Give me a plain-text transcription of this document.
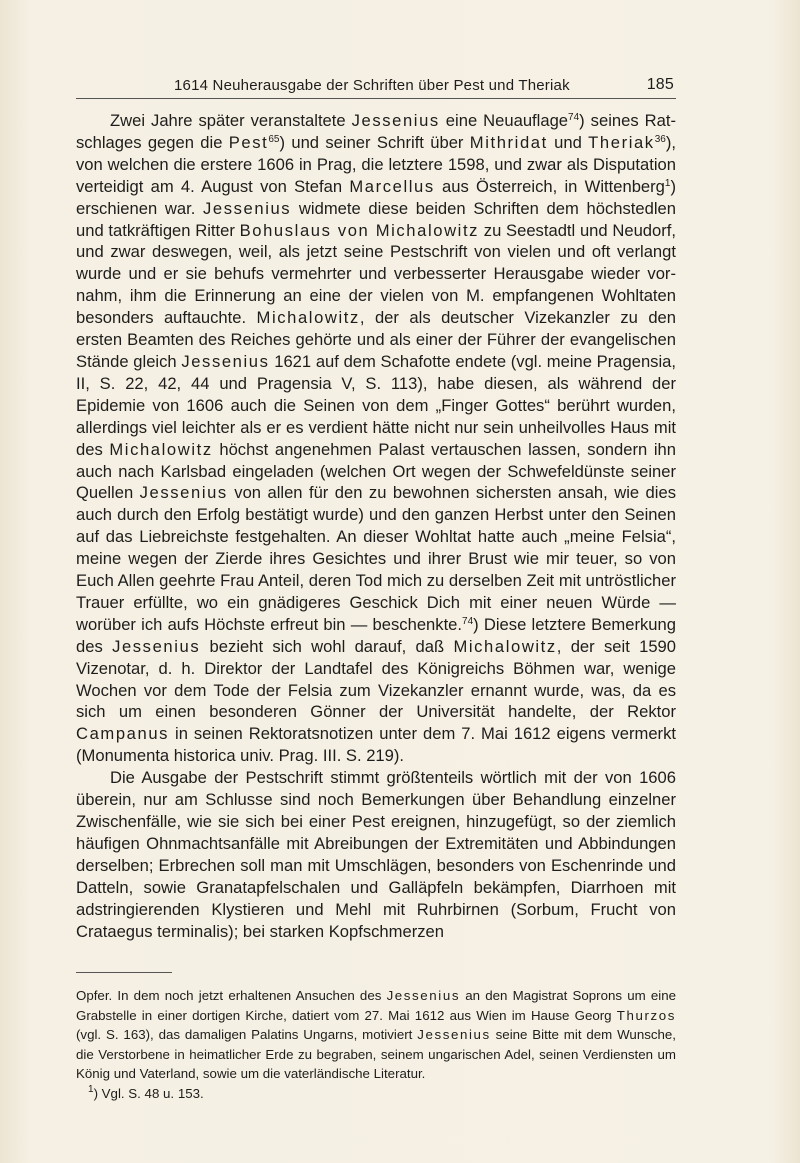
1614 Neuherausgabe der Schriften über Pest und Theriak	185

Zwei Jahre später veranstaltete Jessenius eine Neuauflage$^{74}$) seines Ratschlages gegen die Pest$^{65}$) und seiner Schrift über Mithridat und Theriak$^{36}$), von welchen die erstere 1606 in Prag, die letztere 1598, und zwar als Disputation verteidigt am 4. August von Stefan Marcellus aus Österreich, in Wittenberg$^1$) erschienen war. Jessenius widmete diese beiden Schriften dem höchstedlen und tatkräftigen Ritter Bohuslaus von Michalowitz zu Seestadtl und Neudorf, und zwar deswegen, weil, als jetzt seine Pestschrift von vielen und oft verlangt wurde und er sie behufs vermehrter und verbesserter Herausgabe wieder vornahm, ihm die Erinnerung an eine der vielen von M. empfangenen Wohltaten besonders auftauchte. Michalowitz, der als deutscher Vizekanzler zu den ersten Beamten des Reiches gehörte und als einer der Führer der evangelischen Stände gleich Jessenius 1621 auf dem Schafotte endete (vgl. meine Pragensia, II, S. 22, 42, 44 und Pragensia V, S. 113), habe diesen, als während der Epidemie von 1606 auch die Seinen von dem „Finger Gottes“ berührt wurden, allerdings viel leichter als er es verdient hätte nicht nur sein unheilvolles Haus mit des Michalowitz höchst angenehmen Palast vertauschen lassen, sondern ihn auch nach Karlsbad eingeladen (welchen Ort wegen der Schwefeldünste seiner Quellen Jessenius von allen für den zu bewohnen sichersten ansah, wie dies auch durch den Erfolg bestätigt wurde) und den ganzen Herbst unter den Seinen auf das Liebreichste festgehalten. An dieser Wohltat hatte auch „meine Felsia“, meine wegen der Zierde ihres Gesichtes und ihrer Brust wie mir teuer, so von Euch Allen geehrte Frau Anteil, deren Tod mich zu derselben Zeit mit untröstlicher Trauer erfüllte, wo ein gnädigeres Geschick Dich mit einer neuen Würde — worüber ich aufs Höchste erfreut bin — beschenkte.$^{74}$) Diese letztere Bemerkung des Jessenius bezieht sich wohl darauf, daß Michalowitz, der seit 1590 Vizenotar, d. h. Direktor der Landtafel des Königreichs Böhmen war, wenige Wochen vor dem Tode der Felsia zum Vizekanzler ernannt wurde, was, da es sich um einen besonderen Gönner der Universität handelte, der Rektor Campanus in seinen Rektoratsnotizen unter dem 7. Mai 1612 eigens vermerkt (Monumenta historica univ. Prag. III. S. 219).

Die Ausgabe der Pestschrift stimmt größtenteils wörtlich mit der von 1606 überein, nur am Schlusse sind noch Bemerkungen über Behandlung einzelner Zwischenfälle, wie sie sich bei einer Pest ereignen, hinzugefügt, so der ziemlich häufigen Ohnmachtsanfälle mit Abreibungen der Extremitäten und Abbindungen derselben; Erbrechen soll man mit Umschlägen, besonders von Eschenrinde und Datteln, sowie Granatapfelschalen und Galläpfeln bekämpfen, Diarrhoen mit adstringierenden Klystieren und Mehl mit Ruhrbirnen (Sorbum, Frucht von Crataegus terminalis); bei starken Kopfschmerzen

Opfer. In dem noch jetzt erhaltenen Ansuchen des Jessenius an den Magistrat Soprons um eine Grabstelle in einer dortigen Kirche, datiert vom 27. Mai 1612 aus Wien im Hause Georg Thurzos (vgl. S. 163), das damaligen Palatins Ungarns, motiviert Jessenius seine Bitte mit dem Wunsche, die Verstorbene in heimatlicher Erde zu begraben, seinem ungarischen Adel, seinen Verdiensten um König und Vaterland, sowie um die vaterländische Literatur.

$^1$) Vgl. S. 48 u. 153.
